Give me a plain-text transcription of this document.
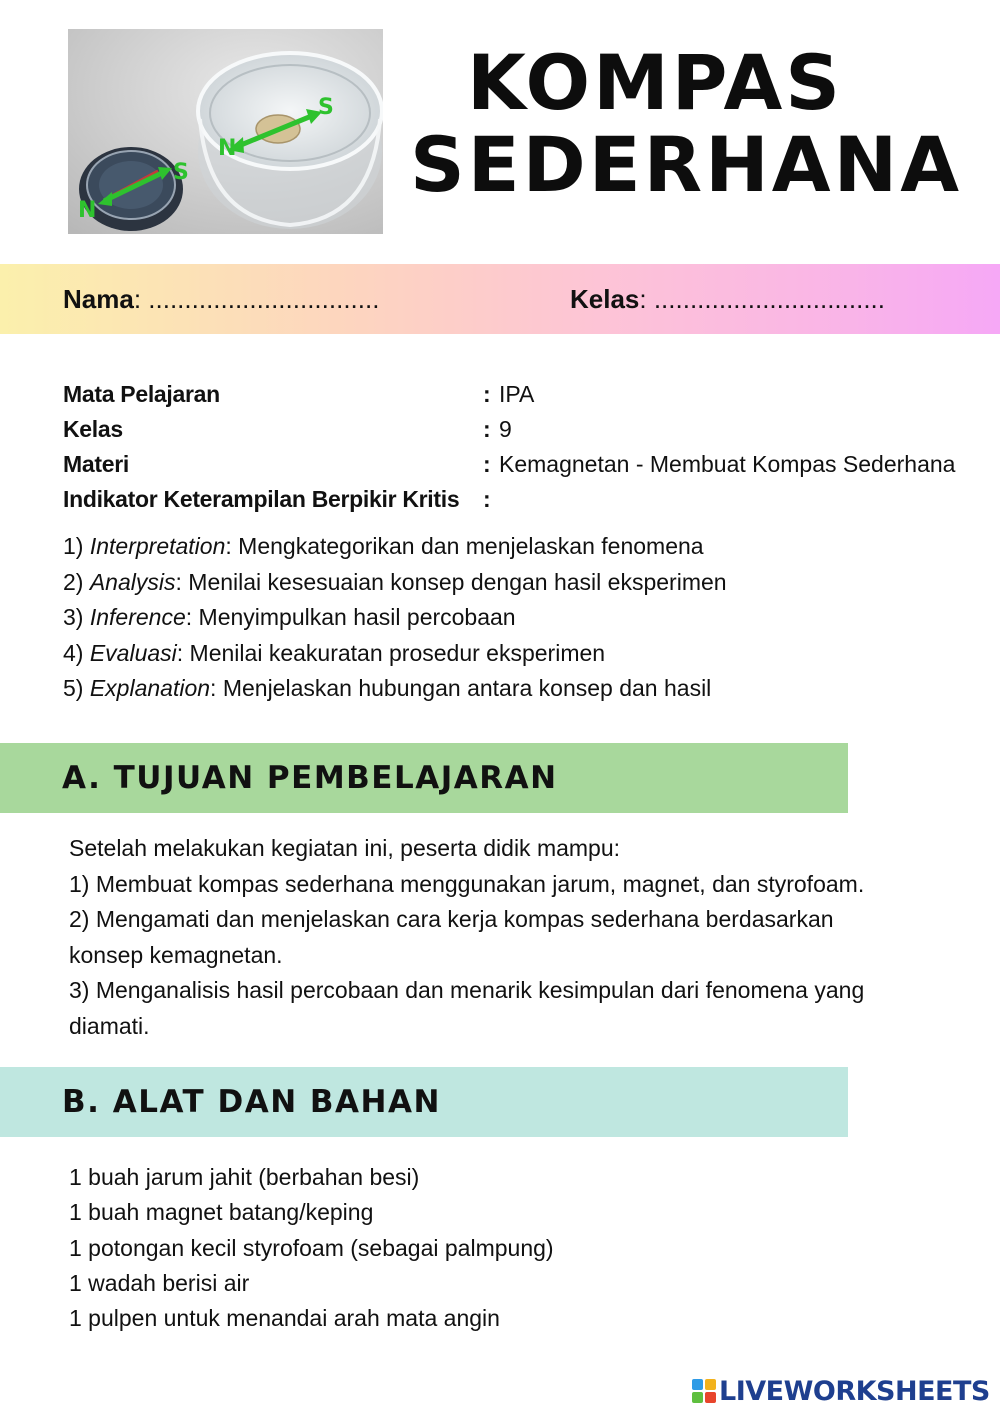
N
S
N
S	KOMPAS
SEDERHANA
Nama: ................................	Kelas: ................................
Mata Pelajaran	: IPA
Kelas	: 9
Materi	: Kemagnetan - Membuat Kompas Sederhana
Indikator Keterampilan Berpikir Kritis :
1) Interpretation: Mengkategorikan dan menjelaskan fenomena
2) Analysis: Menilai kesesuaian konsep dengan hasil eksperimen
3) Inference: Menyimpulkan hasil percobaan
4) Evaluasi: Menilai keakuratan prosedur eksperimen
5) Explanation: Menjelaskan hubungan antara konsep dan hasil
A. TUJUAN PEMBELAJARAN

Setelah melakukan kegiatan ini, peserta didik mampu:

1) Membuat kompas sederhana menggunakan jarum, magnet, dan styrofoam.

2) Mengamati dan menjelaskan cara kerja kompas sederhana berdasarkan

konsep kemagnetan.

3) Menganalisis hasil percobaan dan menarik kesimpulan dari fenomena yang

diamati.

B. ALAT DAN BAHAN
1 buah jarum jahit (berbahan besi)
1 buah magnet batang/keping
1 potongan kecil styrofoam (sebagai palmpung)
1 wadah berisi air
1 pulpen untuk menandai arah mata angin
LIVEWORKSHEETS
